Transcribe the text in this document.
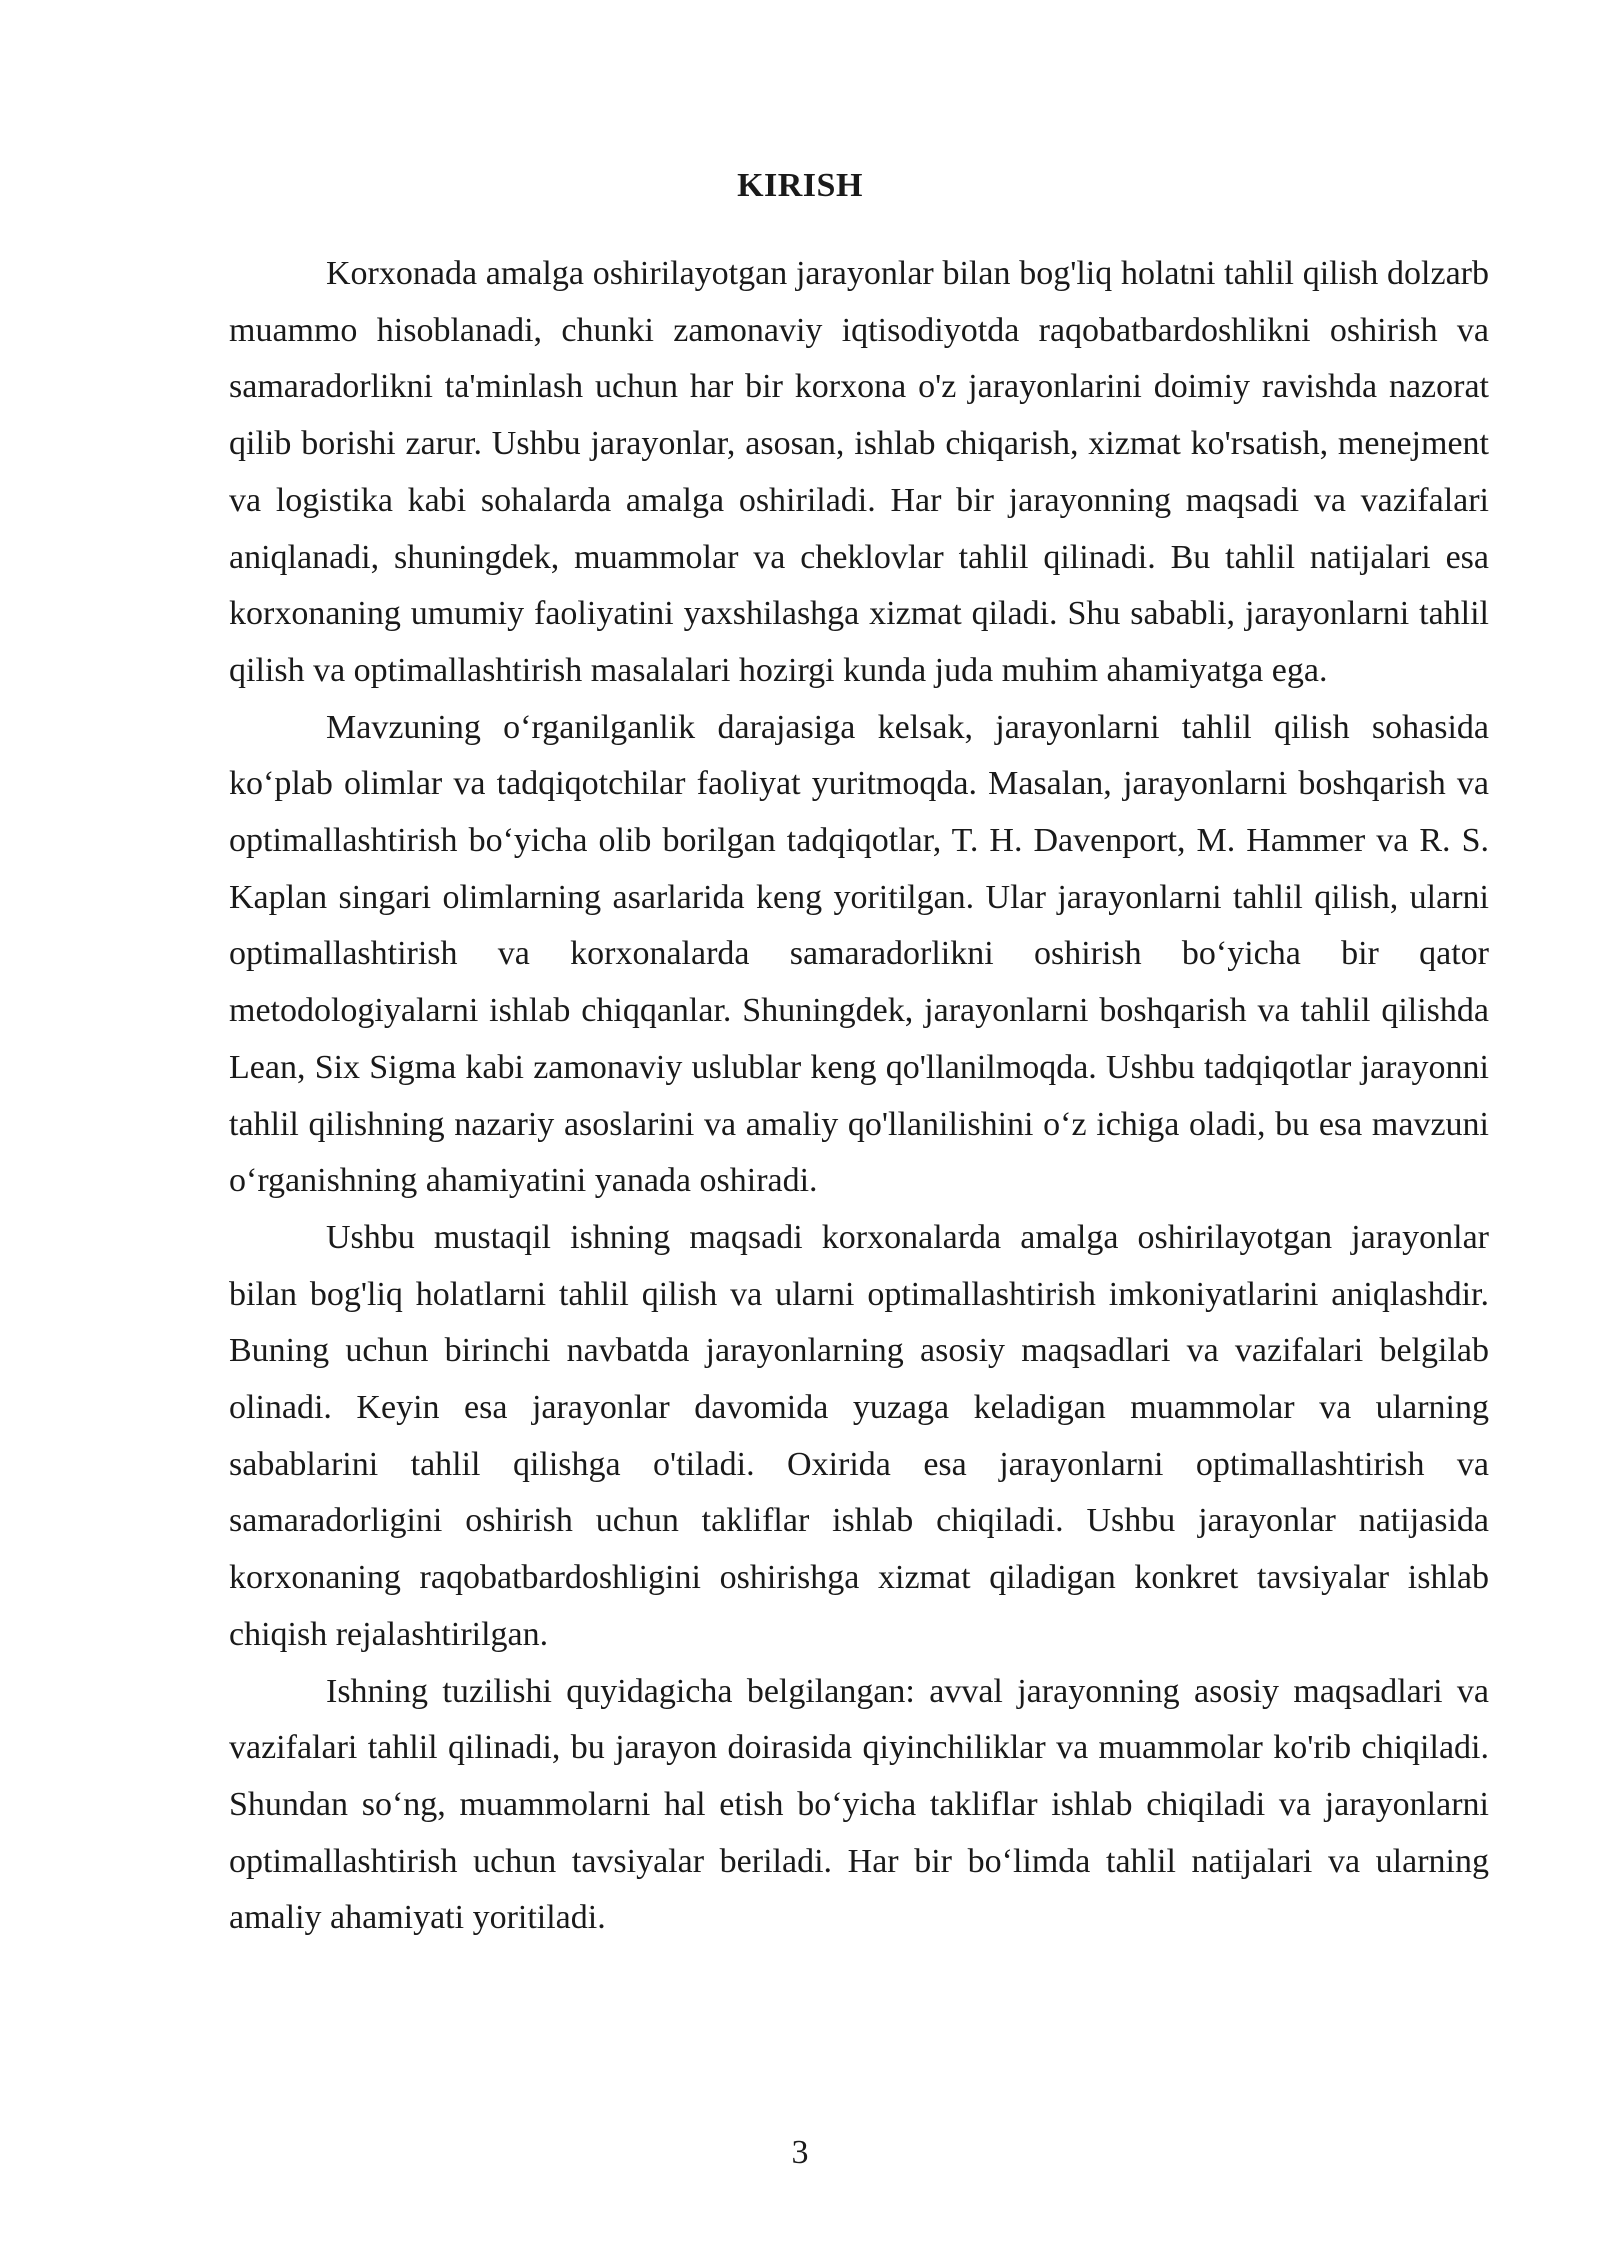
KIRISH

Korxonada amalga oshirilayotgan jarayonlar bilan bog'liq holatni tahlil qilish dolzarb muammo hisoblanadi, chunki zamonaviy iqtisodiyotda raqobatbardoshlikni oshirish va samaradorlikni ta'minlash uchun har bir korxona o'z jarayonlarini doimiy ravishda nazorat qilib borishi zarur. Ushbu jarayonlar, asosan, ishlab chiqarish, xizmat ko'rsatish, menejment va logistika kabi sohalarda amalga oshiriladi. Har bir jarayonning maqsadi va vazifalari aniqlanadi, shuningdek, muammolar va cheklovlar tahlil qilinadi. Bu tahlil natijalari esa korxonaning umumiy faoliyatini yaxshilashga xizmat qiladi. Shu sababli, jarayonlarni tahlil qilish va optimallashtirish masalalari hozirgi kunda juda muhim ahamiyatga ega.

Mavzuning o‘rganilganlik darajasiga kelsak, jarayonlarni tahlil qilish sohasida ko‘plab olimlar va tadqiqotchilar faoliyat yuritmoqda. Masalan, jarayonlarni boshqarish va optimallashtirish bo‘yicha olib borilgan tadqiqotlar, T. H. Davenport, M. Hammer va R. S. Kaplan singari olimlarning asarlarida keng yoritilgan. Ular jarayonlarni tahlil qilish, ularni optimallashtirish va korxonalarda samaradorlikni oshirish bo‘yicha bir qator metodologiyalarni ishlab chiqqanlar. Shuningdek, jarayonlarni boshqarish va tahlil qilishda Lean, Six Sigma kabi zamonaviy uslublar keng qo'llanilmoqda. Ushbu tadqiqotlar jarayonni tahlil qilishning nazariy asoslarini va amaliy qo'llanilishini o‘z ichiga oladi, bu esa mavzuni o‘rganishning ahamiyatini yanada oshiradi.

Ushbu mustaqil ishning maqsadi korxonalarda amalga oshirilayotgan jarayonlar bilan bog'liq holatlarni tahlil qilish va ularni optimallashtirish imkoniyatlarini aniqlashdir. Buning uchun birinchi navbatda jarayonlarning asosiy maqsadlari va vazifalari belgilab olinadi. Keyin esa jarayonlar davomida yuzaga keladigan muammolar va ularning sabablarini tahlil qilishga o'tiladi. Oxirida esa jarayonlarni optimallashtirish va samaradorligini oshirish uchun takliflar ishlab chiqiladi. Ushbu jarayonlar natijasida korxonaning raqobatbardoshligini oshirishga xizmat qiladigan konkret tavsiyalar ishlab chiqish rejalashtirilgan.

Ishning tuzilishi quyidagicha belgilangan: avval jarayonning asosiy maqsadlari va vazifalari tahlil qilinadi, bu jarayon doirasida qiyinchiliklar va muammolar ko'rib chiqiladi. Shundan so‘ng, muammolarni hal etish bo‘yicha takliflar ishlab chiqiladi va jarayonlarni optimallashtirish uchun tavsiyalar beriladi. Har bir bo‘limda tahlil natijalari va ularning amaliy ahamiyati yoritiladi.

3
